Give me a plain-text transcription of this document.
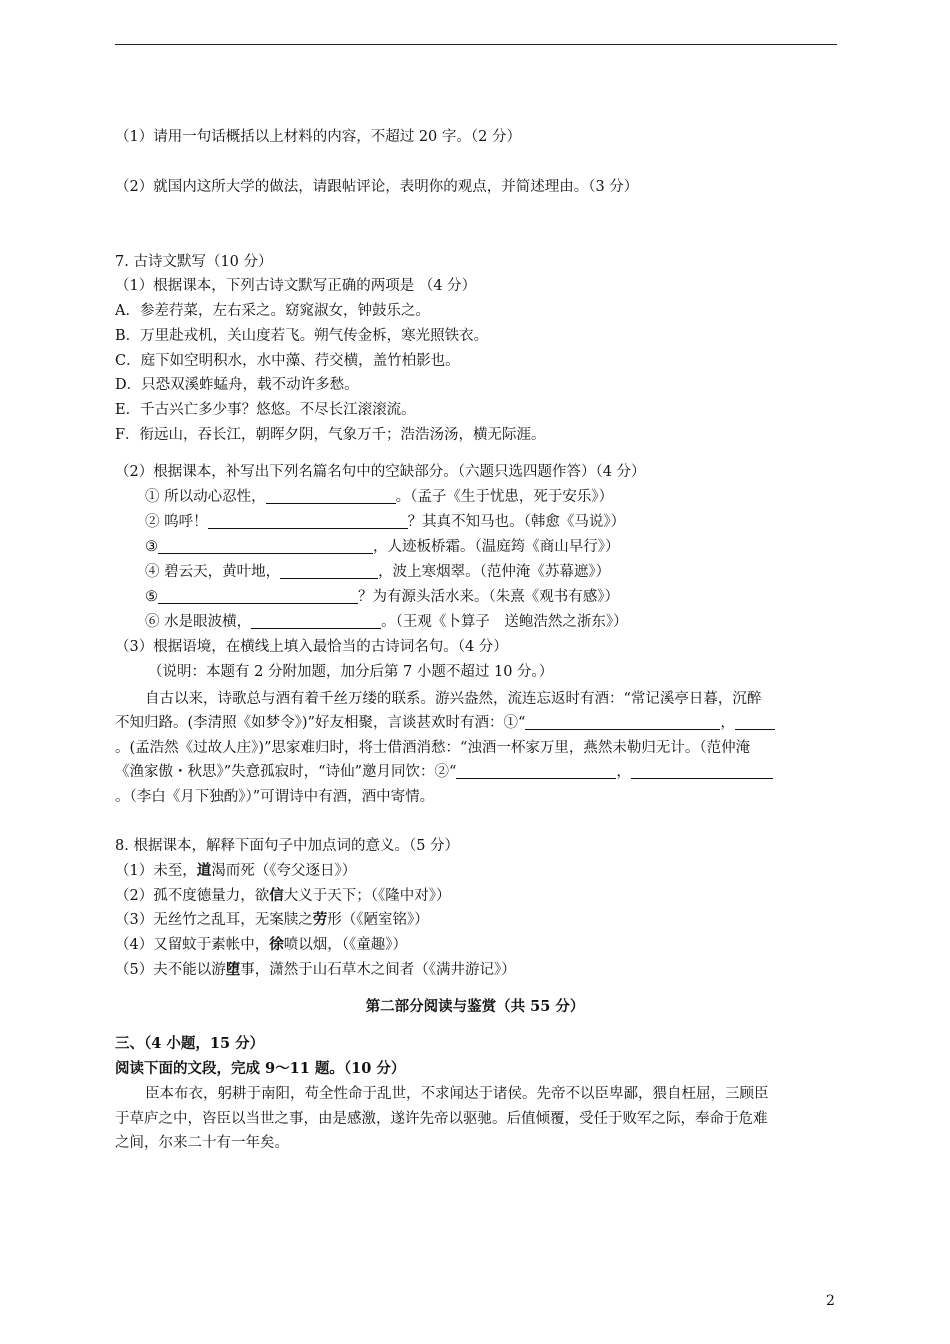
（1）请用一句话概括以上材料的内容，不超过 20 字。（2 分）
（2）就国内这所大学的做法，请跟帖评论，表明你的观点，并简述理由。（3 分）
7. 古诗文默写（10 分）
（1）根据课本，下列古诗文默写正确的两项是 （4 分）
A．参差荇菜，左右采之。窈窕淑女，钟鼓乐之。
B．万里赴戎机，关山度若飞。朔气传金柝，寒光照铁衣。
C．庭下如空明积水，水中藻、荇交横，盖竹柏影也。
D．只恐双溪蚱蜢舟，载不动许多愁。
E．千古兴亡多少事？悠悠。不尽长江滚滚流。
F．衔远山，吞长江，朝晖夕阴，气象万千；浩浩汤汤，横无际涯。
（2）根据课本，补写出下列名篇名句中的空缺部分。（六题只选四题作答）（4 分）
① 所以动心忍性，	。（孟子《生于忧患，死于安乐》）
② 呜呼！	？其真不知马也。（韩愈《马说》）
③	，人迹板桥霜。（温庭筠《商山早行》）
④ 碧云天，黄叶地，	，波上寒烟翠。（范仲淹《苏幕遮》）
⑤	？为有源头活水来。（朱熹《观书有感》）
⑥ 水是眼波横，	。（王观《卜算子　送鲍浩然之浙东》）
（3）根据语境，在横线上填入最恰当的古诗词名句。（4 分）
（说明：本题有 2 分附加题，加分后第 7 小题不超过 10 分。）
自古以来，诗歌总与酒有着千丝万缕的联系。游兴盎然，流连忘返时有酒：“常记溪亭日暮，沉醉
不知归路。(李清照《如梦令》)”好友相聚，言谈甚欢时有酒：①“	，
。(孟浩然《过故人庄》)”思家难归时，将士借酒消愁：“浊酒一杯家万里，燕然未勒归无计。（范仲淹
《渔家傲・秋思》”失意孤寂时，“诗仙”邀月同饮：②“	，
。（李白《月下独酌》）”可谓诗中有酒，酒中寄情。
8. 根据课本，解释下面句子中加点词的意义。（5 分）
（1）未至，道渴而死（《夸父逐日》）
（2）孤不度德量力，欲信大义于天下；（《隆中对》）
（3）无丝竹之乱耳，无案牍之劳形（《陋室铭》）
（4）又留蚊于素帐中，徐喷以烟，（《童趣》）
（5）夫不能以游堕事，潇然于山石草木之间者（《满井游记》）
第二部分阅读与鉴赏（共 55 分）
三、（4 小题，15 分）
阅读下面的文段，完成 9～11 题。（10 分）
臣本布衣，躬耕于南阳，苟全性命于乱世，不求闻达于诸侯。先帝不以臣卑鄙，猥自枉屈，三顾臣
于草庐之中，咨臣以当世之事，由是感激，遂许先帝以驱驰。后值倾覆，受任于败军之际，奉命于危难
之间，尔来二十有一年矣。
2
